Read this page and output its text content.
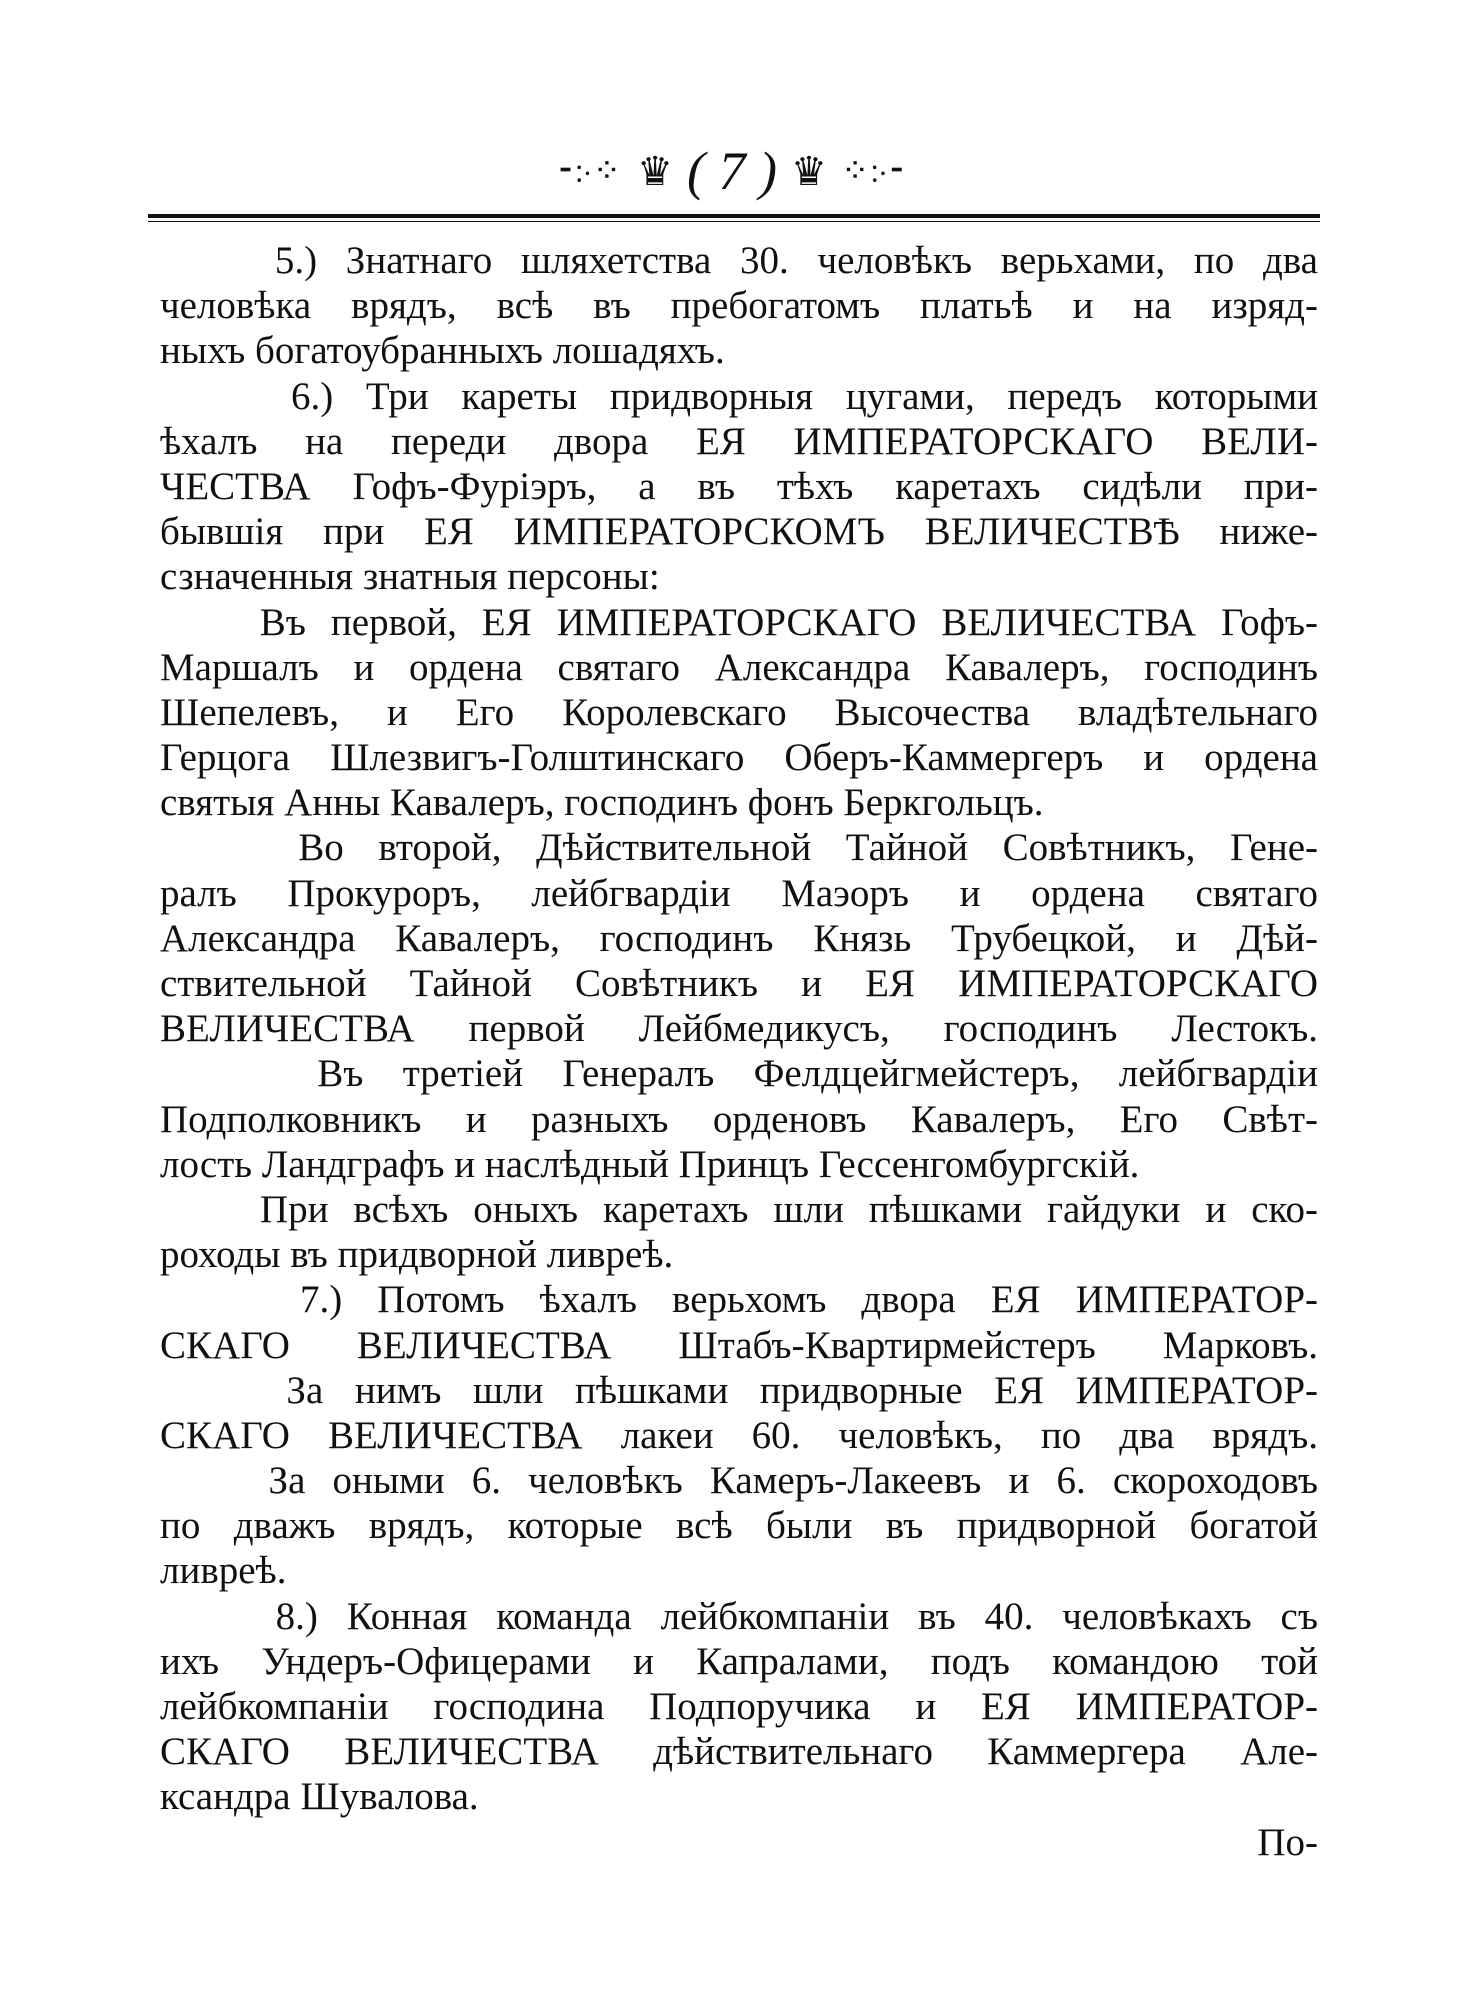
⁃჻⁘ ♛ ( 7 ) ♛ ⁘჻⁃
5.) Знатнаго шляхетства 30. человѣкъ верьхами, по два
человѣка врядъ, всѣ въ пребогатомъ платьѣ и на изряд-
ныхъ богатоубранныхъ лошадяхъ.
6.) Три кареты придворныя цугами, передъ которыми
ѣхалъ на переди двора ЕЯ ИМПЕРАТОРСКАГО ВЕЛИ-
ЧЕСТВА Гофъ-Фурiэръ, а въ тѣхъ каретахъ сидѣли при-
бывшiя при ЕЯ ИМПЕРАТОРСКОМЪ ВЕЛИЧЕСТВѢ ниже-
сзначенныя знатныя персоны:
Въ первой, ЕЯ ИМПЕРАТОРСКАГО ВЕЛИЧЕСТВА Гофъ-
Маршалъ и ордена святаго Александра Кавалеръ, господинъ
Шепелевъ, и Его Королевскаго Высочества владѣтельнаго
Герцога Шлезвигъ-Голштинскаго Оберъ-Каммергеръ и ордена
святыя Анны Кавалеръ, господинъ фонъ Беркгольцъ.
Во второй, Дѣйствительной Тайной Совѣтникъ, Гене-
ралъ Прокуроръ, лейбгвардiи Маэоръ и ордена святаго
Александра Кавалеръ, господинъ Князь Трубецкой, и Дѣй-
ствительной Тайной Совѣтникъ и ЕЯ ИМПЕРАТОРСКАГО
ВЕЛИЧЕСТВА первой Лейбмедикусъ, господинъ Лестокъ.
Въ третiей Генералъ Фелдцейгмейстеръ, лейбгвардiи
Подполковникъ и разныхъ орденовъ Кавалеръ, Его Свѣт-
лость Ландграфъ и наслѣдный Принцъ Гессенгомбургскiй.
При всѣхъ оныхъ каретахъ шли пѣшками гайдуки и ско-
роходы въ придворной ливреѣ.
7.) Потомъ ѣхалъ верьхомъ двора ЕЯ ИМПЕРАТОР-
СКАГО ВЕЛИЧЕСТВА Штабъ-Квартирмейстеръ Марковъ.
За нимъ шли пѣшками придворные ЕЯ ИМПЕРАТОР-
СКАГО ВЕЛИЧЕСТВА лакеи 60. человѣкъ, по два врядъ.
За оными 6. человѣкъ Камеръ-Лакеевъ и 6. скороходовъ
по дважъ врядъ, которые всѣ были въ придворной богатой
ливреѣ.
8.) Конная команда лейбкомпанiи въ 40. человѣкахъ съ
ихъ Ундеръ-Офицерами и Капралами, подъ командою той
лейбкомпанiи господина Подпоручика и ЕЯ ИМПЕРАТОР-
СКАГО ВЕЛИЧЕСТВА дѣйствительнаго Каммергера Але-
ксандра Шувалова.
По-
